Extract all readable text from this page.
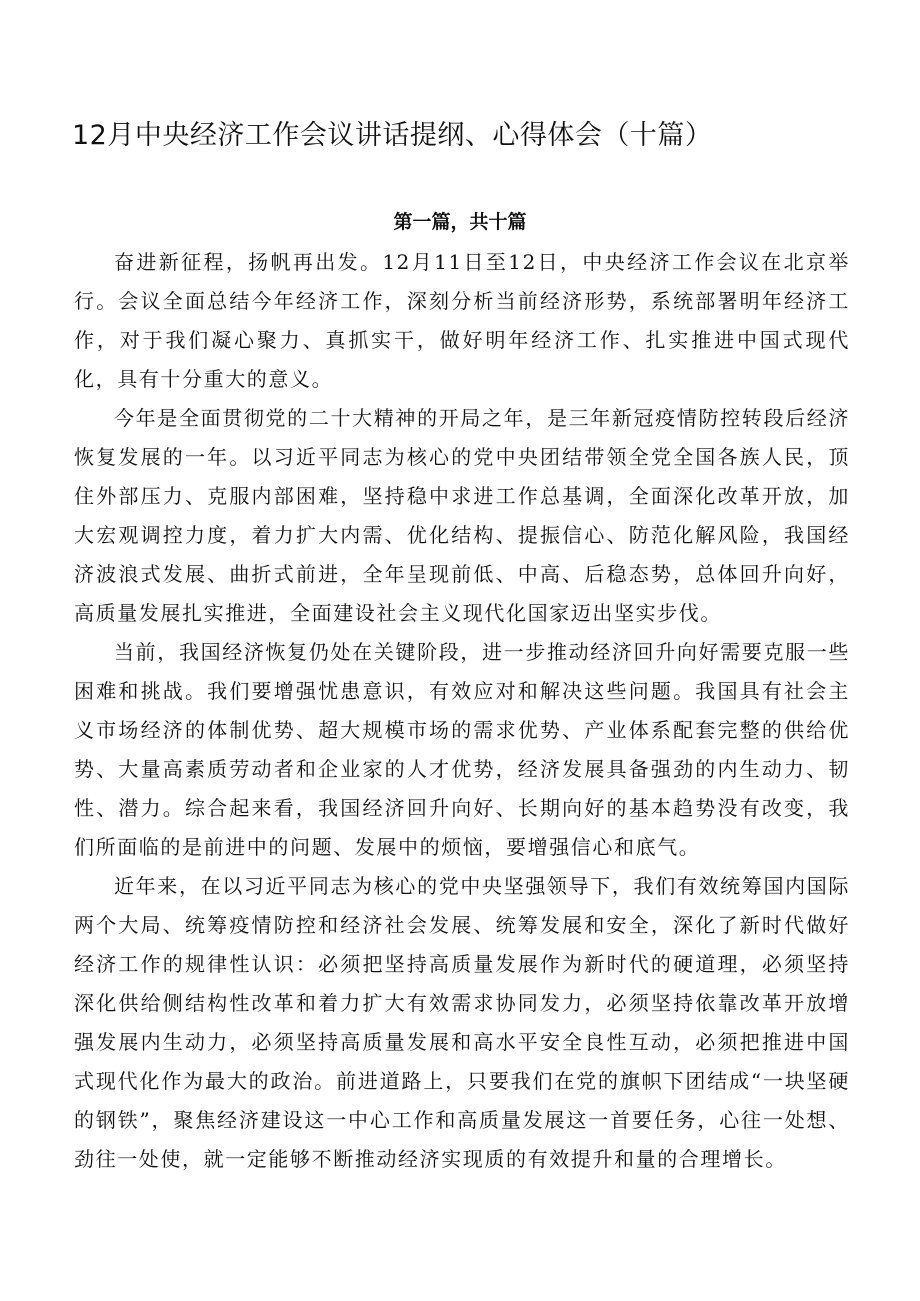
12月中央经济工作会议讲话提纲、心得体会（十篇）
第一篇，共十篇

奋进新征程，扬帆再出发。12月11日至12日，中央经济工作会议在北京举行。会议全面总结今年经济工作，深刻分析当前经济形势，系统部署明年经济工作，对于我们凝心聚力、真抓实干，做好明年经济工作、扎实推进中国式现代化，具有十分重大的意义。

今年是全面贯彻党的二十大精神的开局之年，是三年新冠疫情防控转段后经济恢复发展的一年。以习近平同志为核心的党中央团结带领全党全国各族人民，顶住外部压力、克服内部困难，坚持稳中求进工作总基调，全面深化改革开放，加大宏观调控力度，着力扩大内需、优化结构、提振信心、防范化解风险，我国经济波浪式发展、曲折式前进，全年呈现前低、中高、后稳态势，总体回升向好，高质量发展扎实推进，全面建设社会主义现代化国家迈出坚实步伐。

当前，我国经济恢复仍处在关键阶段，进一步推动经济回升向好需要克服一些困难和挑战。我们要增强忧患意识，有效应对和解决这些问题。我国具有社会主义市场经济的体制优势、超大规模市场的需求优势、产业体系配套完整的供给优势、大量高素质劳动者和企业家的人才优势，经济发展具备强劲的内生动力、韧性、潜力。综合起来看，我国经济回升向好、长期向好的基本趋势没有改变，我们所面临的是前进中的问题、发展中的烦恼，要增强信心和底气。

近年来，在以习近平同志为核心的党中央坚强领导下，我们有效统筹国内国际两个大局、统筹疫情防控和经济社会发展、统筹发展和安全，深化了新时代做好经济工作的规律性认识：必须把坚持高质量发展作为新时代的硬道理，必须坚持深化供给侧结构性改革和着力扩大有效需求协同发力，必须坚持依靠改革开放增强发展内生动力，必须坚持高质量发展和高水平安全良性互动，必须把推进中国式现代化作为最大的政治。前进道路上，只要我们在党的旗帜下团结成“一块坚硬的钢铁”，聚焦经济建设这一中心工作和高质量发展这一首要任务，心往一处想、劲往一处使，就一定能够不断推动经济实现质的有效提升和量的合理增长。
